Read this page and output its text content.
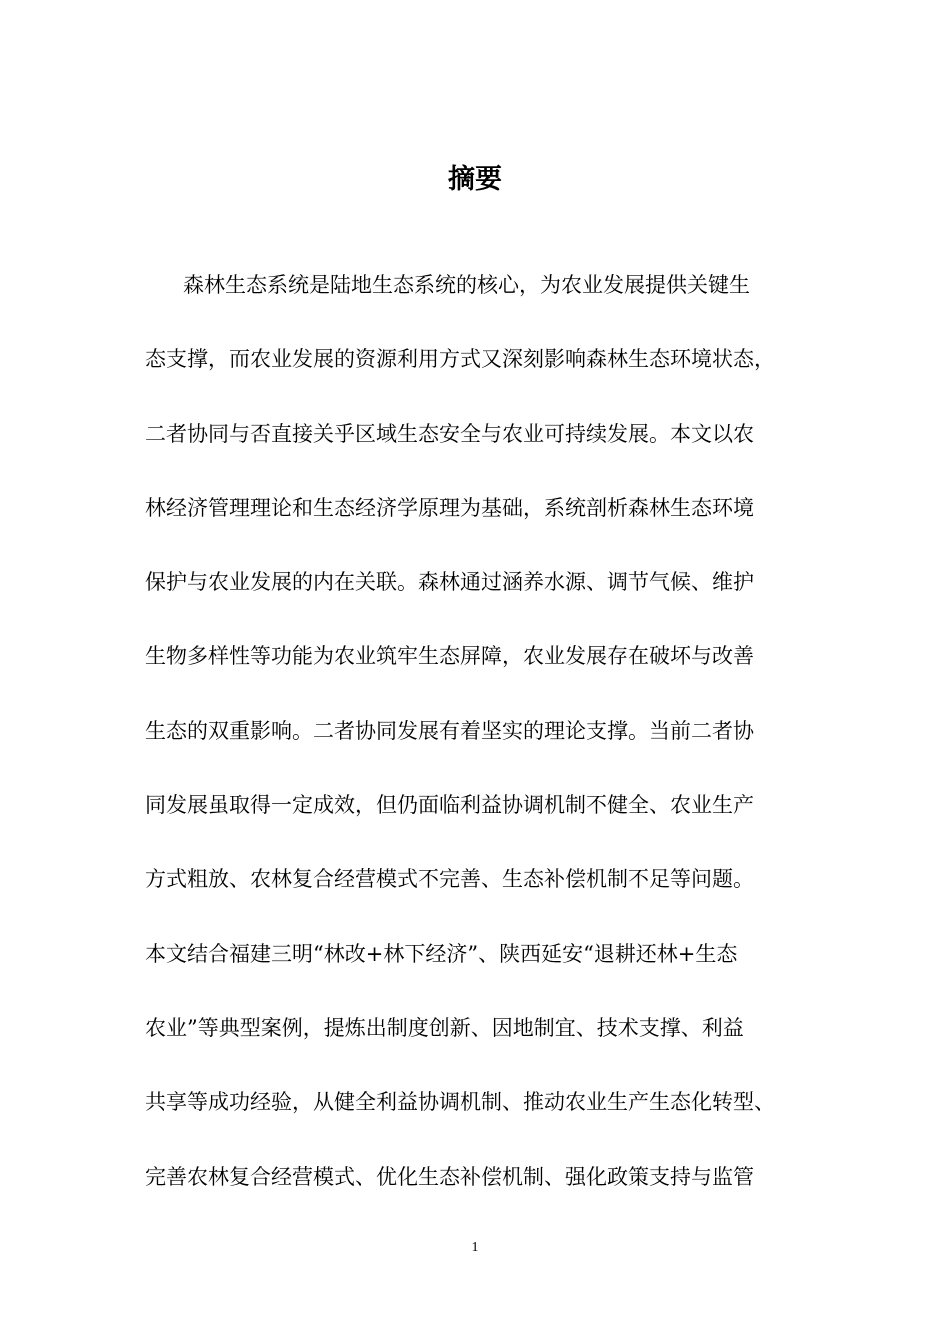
摘要
森林生态系统是陆地生态系统的核心，为农业发展提供关键生
态支撑，而农业发展的资源利用方式又深刻影响森林生态环境状态，
二者协同与否直接关乎区域生态安全与农业可持续发展。本文以农
林经济管理理论和生态经济学原理为基础，系统剖析森林生态环境
保护与农业发展的内在关联。森林通过涵养水源、调节气候、维护
生物多样性等功能为农业筑牢生态屏障，农业发展存在破坏与改善
生态的双重影响。二者协同发展有着坚实的理论支撑。当前二者协
同发展虽取得一定成效，但仍面临利益协调机制不健全、农业生产
方式粗放、农林复合经营模式不完善、生态补偿机制不足等问题。
本文结合福建三明“林改+林下经济”、陕西延安“退耕还林+生态
农业”等典型案例，提炼出制度创新、因地制宜、技术支撑、利益
共享等成功经验，从健全利益协调机制、推动农业生产生态化转型、
完善农林复合经营模式、优化生态补偿机制、强化政策支持与监管
1
